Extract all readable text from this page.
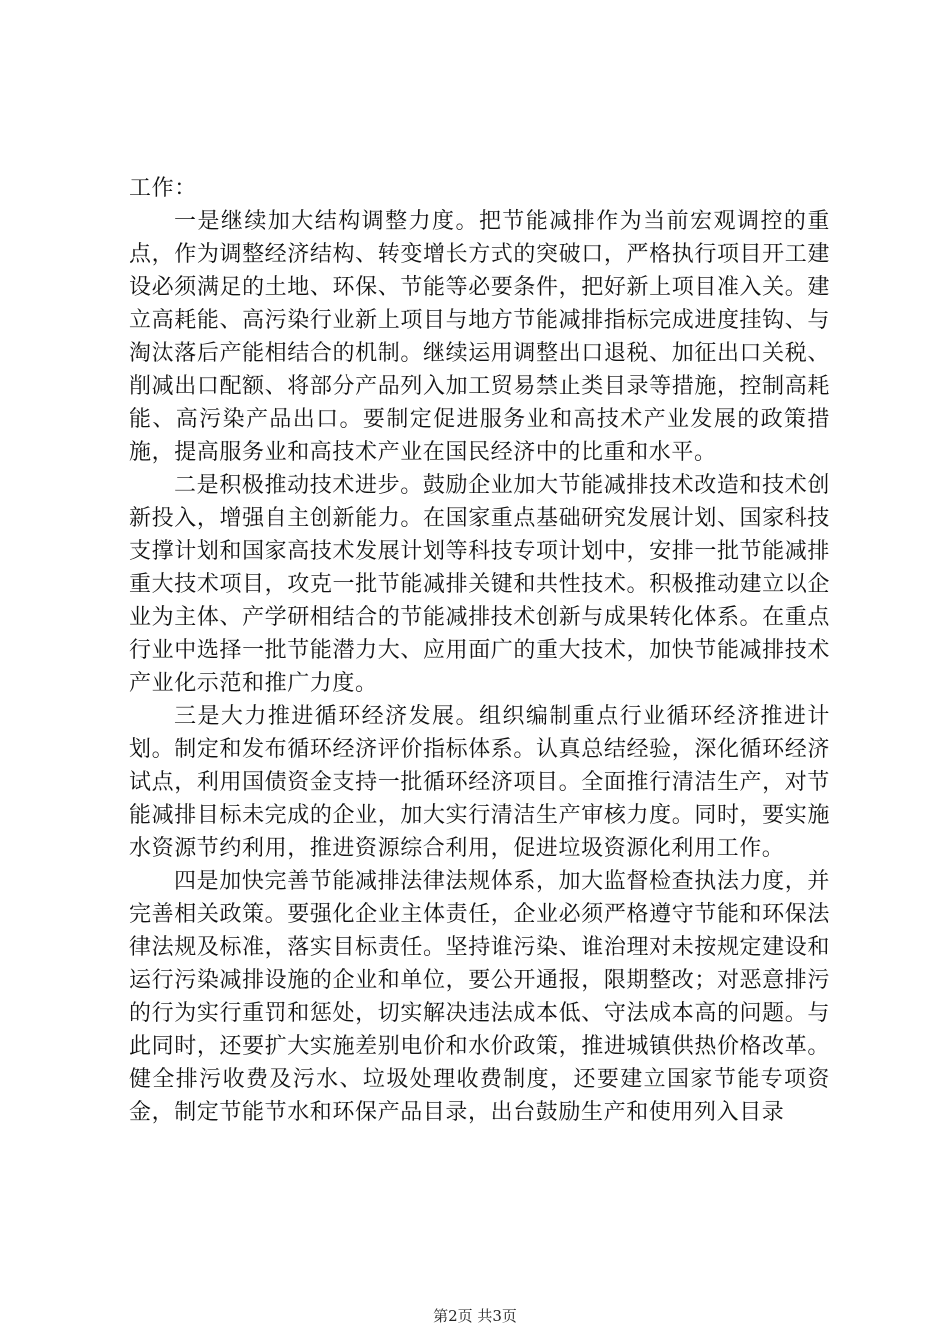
工作：

一是继续加大结构调整力度。把节能减排作为当前宏观调控的重点，作为调整经济结构、转变增长方式的突破口，严格执行项目开工建设必须满足的土地、环保、节能等必要条件，把好新上项目准入关。建立高耗能、高污染行业新上项目与地方节能减排指标完成进度挂钩、与淘汰落后产能相结合的机制。继续运用调整出口退税、加征出口关税、削减出口配额、将部分产品列入加工贸易禁止类目录等措施，控制高耗能、高污染产品出口。要制定促进服务业和高技术产业发展的政策措施，提高服务业和高技术产业在国民经济中的比重和水平。

二是积极推动技术进步。鼓励企业加大节能减排技术改造和技术创新投入，增强自主创新能力。在国家重点基础研究发展计划、国家科技支撑计划和国家高技术发展计划等科技专项计划中，安排一批节能减排重大技术项目，攻克一批节能减排关键和共性技术。积极推动建立以企业为主体、产学研相结合的节能减排技术创新与成果转化体系。在重点行业中选择一批节能潜力大、应用面广的重大技术，加快节能减排技术产业化示范和推广力度。

三是大力推进循环经济发展。组织编制重点行业循环经济推进计划。制定和发布循环经济评价指标体系。认真总结经验，深化循环经济试点，利用国债资金支持一批循环经济项目。全面推行清洁生产，对节能减排目标未完成的企业，加大实行清洁生产审核力度。同时，要实施水资源节约利用，推进资源综合利用，促进垃圾资源化利用工作。

四是加快完善节能减排法律法规体系，加大监督检查执法力度，并完善相关政策。要强化企业主体责任，企业必须严格遵守节能和环保法律法规及标准，落实目标责任。坚持谁污染、谁治理对未按规定建设和运行污染减排设施的企业和单位，要公开通报，限期整改；对恶意排污的行为实行重罚和惩处，切实解决违法成本低、守法成本高的问题。与此同时，还要扩大实施差别电价和水价政策，推进城镇供热价格改革。健全排污收费及污水、垃圾处理收费制度，还要建立国家节能专项资金，制定节能节水和环保产品目录，出台鼓励生产和使用列入目录

第2页 共3页
